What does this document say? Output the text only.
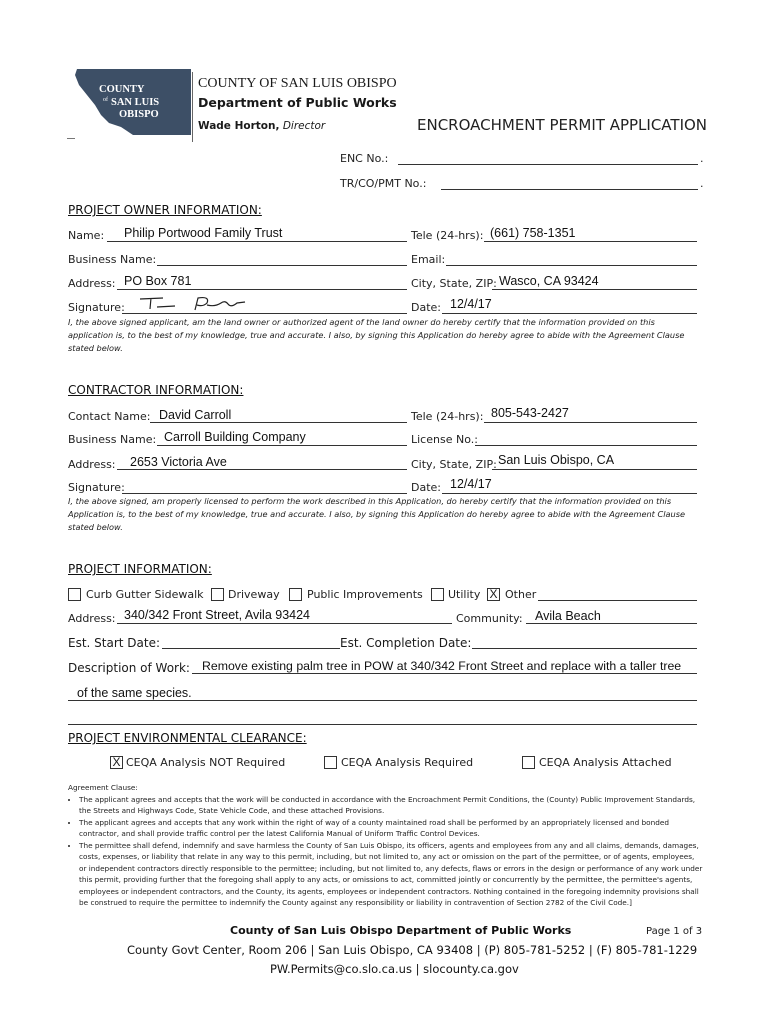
COUNTY
of SAN LUIS
OBISPO
COUNTY OF SAN LUIS OBISPO
Department of Public Works
Wade Horton, Director	ENCROACHMENT PERMIT APPLICATION
ENC No.:	.
TR/CO/PMT No.:	.
PROJECT OWNER INFORMATION:
Name: Philip Portwood Family Trust	Tele (24-hrs): (661) 758-1351
Business Name:	Email:
Address: PO Box 781	City, State, ZIP: Wasco, CA 93424
Signature:	Date: 12/4/17
I, the above signed applicant, am the land owner or authorized agent of the land owner do hereby certify that the information provided on this application is, to the best of my knowledge, true and accurate. I also, by signing this Application do hereby agree to abide with the Agreement Clause stated below.
CONTRACTOR INFORMATION:
Contact Name: David Carroll	Tele (24-hrs): 805-543-2427
Business Name: Carroll Building Company	License No.:
Address: 2653 Victoria Ave	City, State, ZIP: San Luis Obispo, CA
Signature:	Date: 12/4/17
I, the above signed, am properly licensed to perform the work described in this Application, do hereby certify that the information provided on this Application is, to the best of my knowledge, true and accurate. I also, by signing this Application do hereby agree to abide with the Agreement Clause stated below.
PROJECT INFORMATION:
Curb Gutter Sidewalk Driveway Public Improvements Utility X Other
Address: 340/342 Front Street, Avila 93424	Community: Avila Beach
Est. Start Date:	Est. Completion Date:
Description of Work: Remove existing palm tree in POW at 340/342 Front Street and replace with a taller tree
of the same species.
PROJECT ENVIRONMENTAL CLEARANCE:
X CEQA Analysis NOT Required	CEQA Analysis Required	CEQA Analysis Attached
Agreement Clause:
• The applicant agrees and accepts that the work will be conducted in accordance with the Encroachment Permit Conditions, the (County) Public Improvement Standards, the Streets and Highways Code, State Vehicle Code, and these attached Provisions.
• The applicant agrees and accepts that any work within the right of way of a county maintained road shall be performed by an appropriately licensed and bonded contractor, and shall provide traffic control per the latest California Manual of Uniform Traffic Control Devices.
• The permittee shall defend, indemnify and save harmless the County of San Luis Obispo, its officers, agents and employees from any and all claims, demands, damages, costs, expenses, or liability that relate in any way to this permit, including, but not limited to, any act or omission on the part of the permittee, or of agents, employees, or independent contractors directly responsible to the permittee; including, but not limited to, any defects, flaws or errors in the design or performance of any work under this permit, providing further that the foregoing shall apply to any acts, or omissions to act, committed jointly or concurrently by the permittee, the permittee's agents, employees or independent contractors, and the County, its agents, employees or independent contractors. Nothing contained in the foregoing indemnity provisions shall be construed to require the permittee to indemnify the County against any responsibility or liability in contravention of Section 2782 of the Civil Code.]
County of San Luis Obispo Department of Public Works	Page 1 of 3
County Govt Center, Room 206 | San Luis Obispo, CA 93408 | (P) 805-781-5252 | (F) 805-781-1229
PW.Permits@co.slo.ca.us | slocounty.ca.gov
